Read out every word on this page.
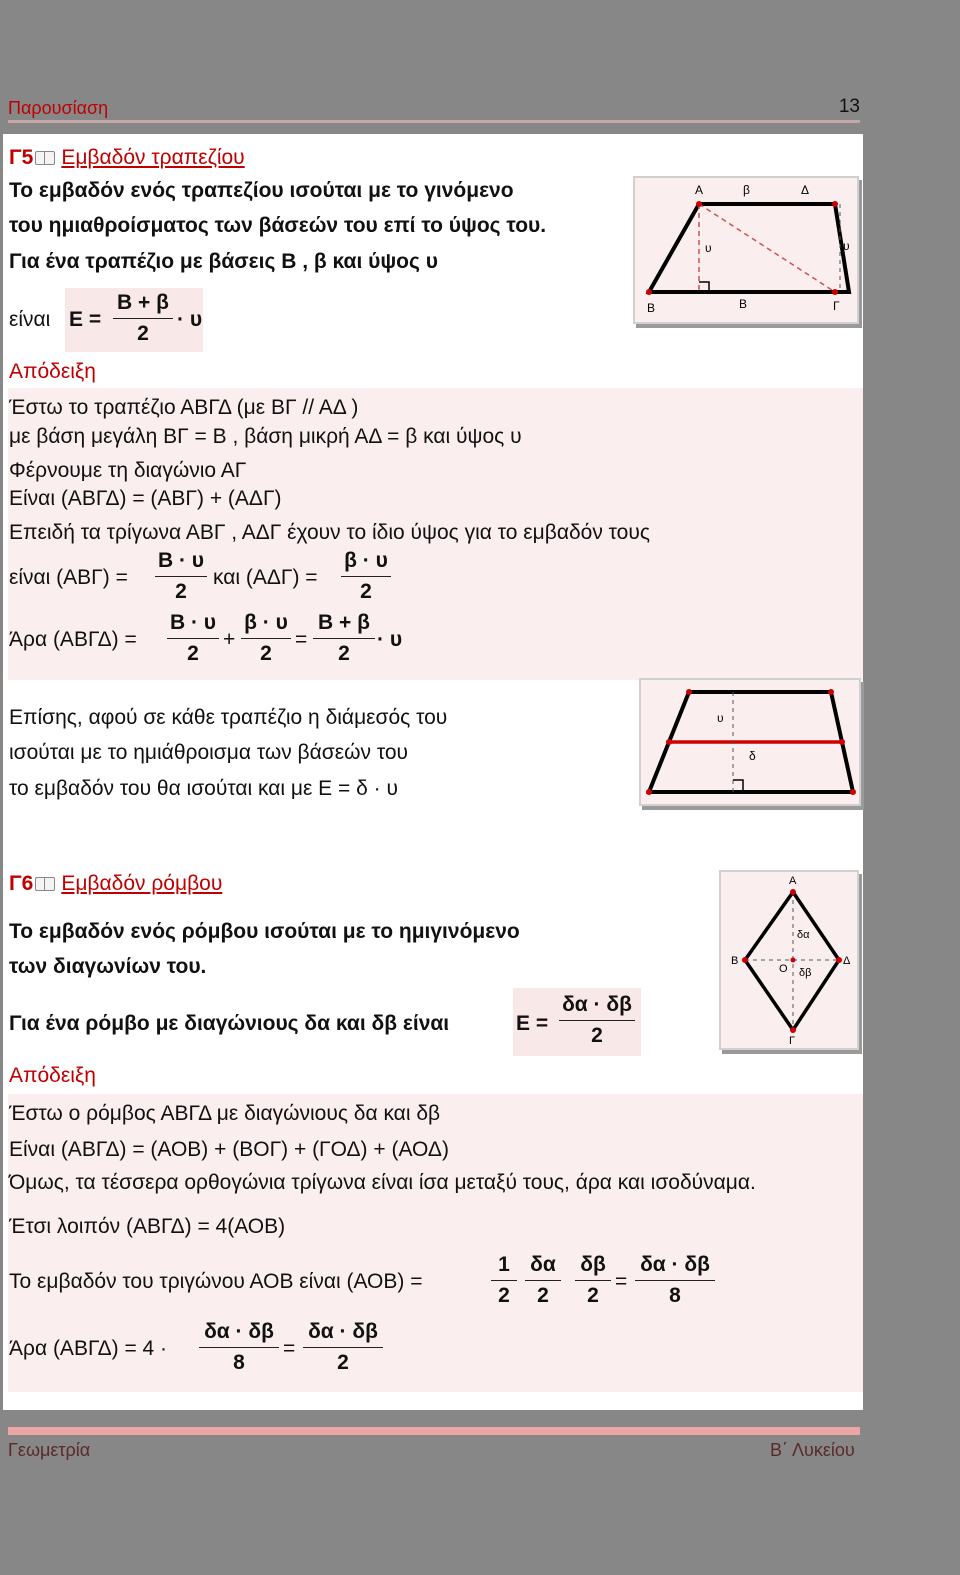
Παρουσίαση	13
Γ5 Εμβαδόν τραπεζίου
Το εμβαδόν ενός τραπεζίου ισούται με το γινόμενο
του ημιαθροίσματος των βάσεών του επί το ύψος του.
Για ένα τραπέζιο με βάσεις Β , β και ύψος υ
είναι Ε =
Β + β
2
· υ
Απόδειξη
Έστω το τραπέζιο ΑΒΓΔ (με ΒΓ // ΑΔ )
με βάση μεγάλη ΒΓ = Β , βάση μικρή ΑΔ = β και ύψος υ
Φέρνουμε τη διαγώνιο ΑΓ
Είναι (ΑΒΓΔ) = (ΑΒΓ) + (ΑΔΓ)
Επειδή τα τρίγωνα ΑΒΓ , ΑΔΓ έχουν το ίδιο ύψος για το εμβαδόν τους
είναι (ΑΒΓ) =
Β · υ
2
και (ΑΔΓ) =
β · υ
2
Άρα (ΑΒΓΔ) =
Β · υ
2
+
β · υ
2
=
Β + β
2
· υ
Επίσης, αφού σε κάθε τραπέζιο η διάμεσός του
ισούται με το ημιάθροισμα των βάσεών του
το εμβαδόν του θα ισούται και με Ε = δ · υ
Α	β	Δ
υ	υ
Β	Β	Γ
υ
δ
Γ6 Εμβαδόν ρόμβου
Το εμβαδόν ενός ρόμβου ισούται με το ημιγινόμενο
των διαγωνίων του.
Για ένα ρόμβο με διαγώνιους δα και δβ είναι	Ε =
δα · δβ
2
Απόδειξη
Έστω ο ρόμβος ΑΒΓΔ με διαγώνιους δα και δβ
Είναι (ΑΒΓΔ) = (ΑΟΒ) + (ΒΟΓ) + (ΓΟΔ) + (ΑΟΔ)
Όμως, τα τέσσερα ορθογώνια τρίγωνα είναι ίσα μεταξύ τους, άρα και ισοδύναμα.
Έτσι λοιπόν (ΑΒΓΔ) = 4(ΑΟΒ)
Το εμβαδόν του τριγώνου ΑΟΒ είναι (ΑΟΒ) =
1
2
δα
2
δβ
2
=
δα · δβ
8
Άρα (ΑΒΓΔ) = 4 ·
δα · δβ
8
=
δα · δβ
2
Α
Β
Ο
Δ
Γ
δα
δβ
Γεωμετρία	Β΄ Λυκείου
